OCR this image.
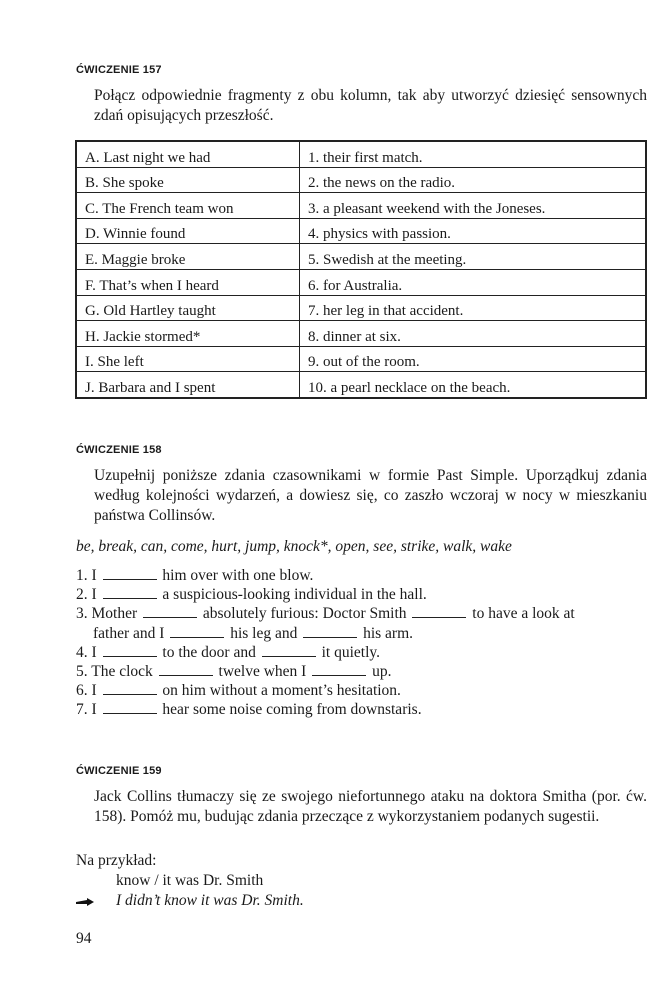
ĆWICZENIE 157

Połącz odpowiednie fragmenty z obu kolumn, tak aby utworzyć dziesięć sensownych zdań opisujących przeszłość.

A. Last night we had	1. their first match.
B. She spoke	2. the news on the radio.
C. The French team won	3. a pleasant weekend with the Joneses.
D. Winnie found	4. physics with passion.
E. Maggie broke	5. Swedish at the meeting.
F. That’s when I heard	6. for Australia.
G. Old Hartley taught	7. her leg in that accident.
H. Jackie stormed*	8. dinner at six.
I. She left	9. out of the room.
J. Barbara and I spent	10. a pearl necklace on the beach.
ĆWICZENIE 158

Uzupełnij poniższe zdania czasownikami w formie Past Simple. Uporządkuj zdania według kolejności wydarzeń, a dowiesz się, co zaszło wczoraj w nocy w mieszkaniu państwa Collinsów.

be, break, can, come, hurt, jump, knock*, open, see, strike, walk, wake
1. I	him over with one blow.
2. I	a suspicious-looking individual in the hall.
3. Mother	absolutely furious: Doctor Smith	to have a look at
father and I	his leg and	his arm.
4. I	to the door and	it quietly.
5. The clock	twelve when I	up.
6. I	on him without a moment’s hesitation.
7. I	hear some noise coming from downstaris.
ĆWICZENIE 159

Jack Collins tłumaczy się ze swojego niefortunnego ataku na doktora Smitha (por. ćw. 158). Pomóż mu, budując zdania przeczące z wykorzystaniem podanych sugestii.

Na przykład:
know / it was Dr. Smith
I didn’t know it was Dr. Smith.
94
